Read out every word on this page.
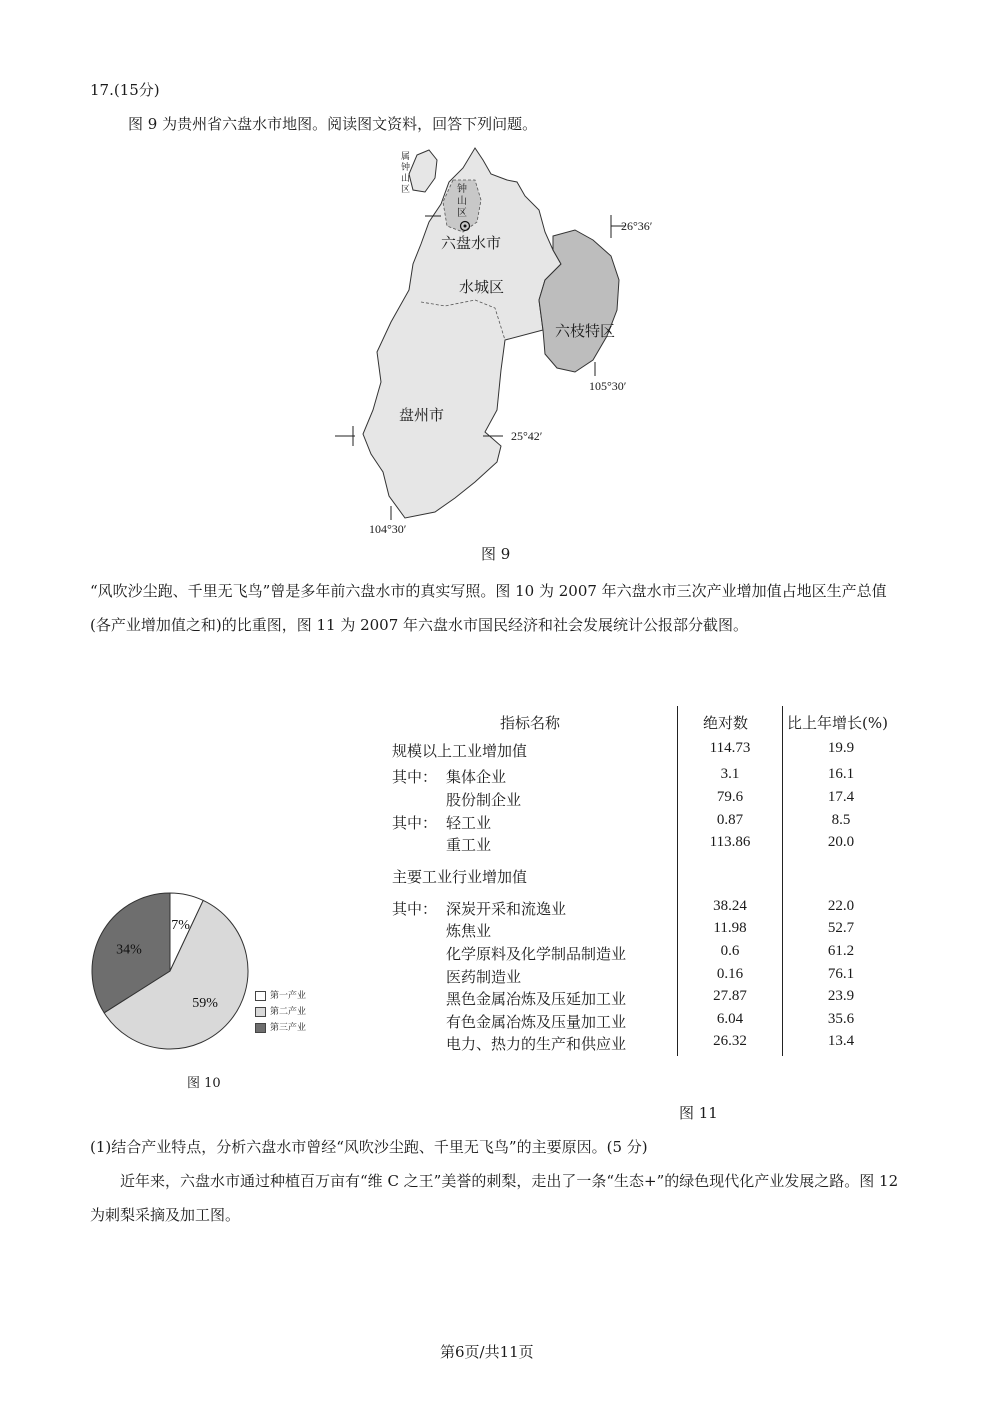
17.(15分)
图 9 为贵州省六盘水市地图。阅读图文资料，回答下列问题。
属钟山区	钟山区
六盘水市
水城区
六枝特区
盘州市
26°36′
105°30′
25°42′
104°30′
图 9
“风吹沙尘跑、千里无飞鸟”曾是多年前六盘水市的真实写照。图 10 为 2007 年六盘水市三次产业增加值占地区生产总值(各产业增加值之和)的比重图，图 11 为 2007 年六盘水市国民经济和社会发展统计公报部分截图。
7%
59%
34%
第一产业
第二产业
第三产业
图 10
指标名称	绝对数	比上年增长(%)
规模以上工业增加值	114.73	19.9
其中： 集体企业	3.1	16.1
股份制企业	79.6	17.4
其中： 轻工业	0.87	8.5
重工业	113.86	20.0
主要工业行业增加值
其中： 深炭开采和流逸业	38.24	22.0
炼焦业	11.98	52.7
化学原料及化学制品制造业	0.6	61.2
医药制造业	0.16	76.1
黑色金属冶炼及压延加工业	27.87	23.9
有色金属冶炼及压量加工业	6.04	35.6
电力、热力的生产和供应业	26.32	13.4
图 11
(1)结合产业特点，分析六盘水市曾经“风吹沙尘跑、千里无飞鸟”的主要原因。(5 分)
近年来，六盘水市通过种植百万亩有“维 C 之王”美誉的刺梨，走出了一条“生态+”的绿色现代化产业发展之路。图 12 为刺梨采摘及加工图。
第6页/共11页
